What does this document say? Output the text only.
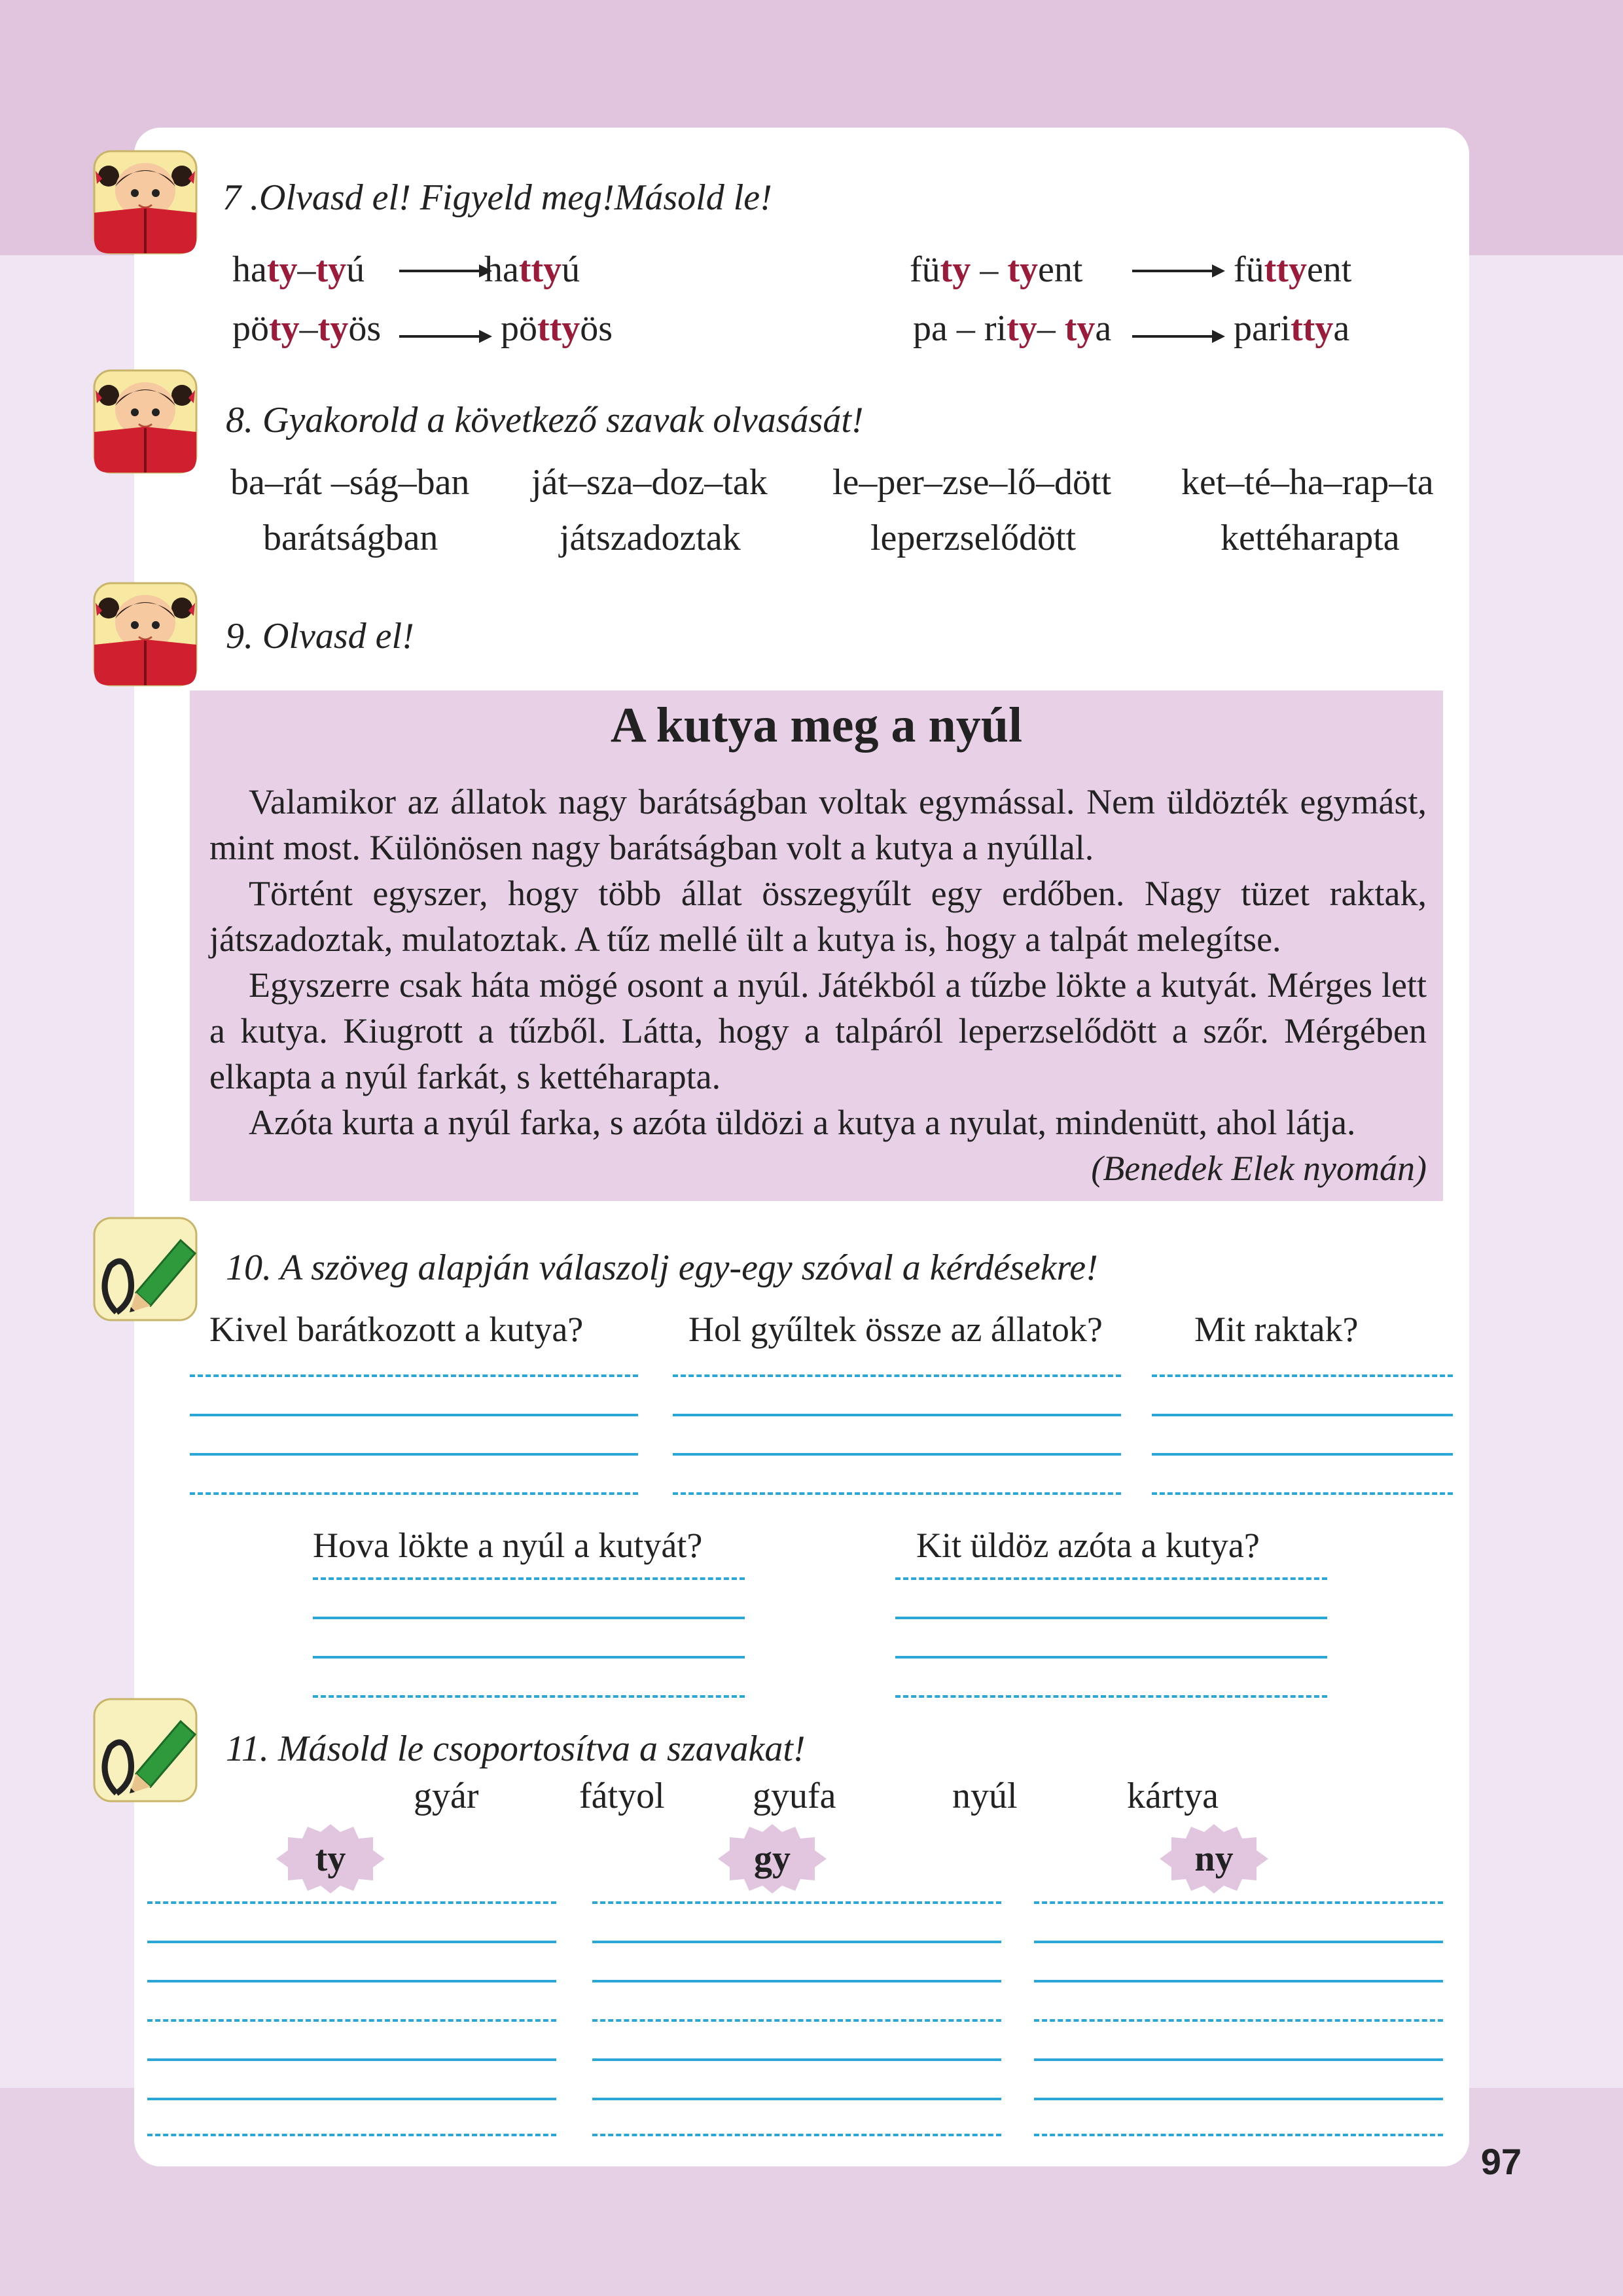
97
7 .Olvasd el! Figyeld meg!Másold le!
haty–tyú	hattyú	füty – tyent	füttyent
pöty–työs	pöttyös	pa – rity– tya	parittya
8. Gyakorold a következő szavak olvasását!
ba–rát –ság–ban ját–sza–doz–tak le–per–zse–lő–dött ket–té–ha–rap–ta
barátságban	játszadoztak	leperzselődött	kettéharapta
9. Olvasd el!
A kutya meg a nyúl

Valamikor az állatok nagy barátságban voltak egymással. Nem üldözték egymást, mint most. Különösen nagy barátságban volt a kutya a nyúllal.

Történt egyszer, hogy több állat összegyűlt egy erdőben. Nagy tüzet raktak, játszadoztak, mulatoztak. A tűz mellé ült a kutya is, hogy a talpát melegítse.

Egyszerre csak háta mögé osont a nyúl. Játékból a tűzbe lökte a kutyát. Mérges lett a kutya. Kiugrott a tűzből. Látta, hogy a talpáról leperzselődött a szőr. Mérgében elkapta a nyúl farkát, s kettéharapta.

Azóta kurta a nyúl farka, s azóta üldözi a kutya a nyulat, mindenütt, ahol látja.

(Benedek Elek nyomán)

10. A szöveg alapján válaszolj egy-egy szóval a kérdésekre!
Kivel barátkozott a kutya?	Hol gyűltek össze az állatok?	Mit raktak?
Hova lökte a nyúl a kutyát?	Kit üldöz azóta a kutya?
11. Másold le csoportosítva a szavakat!
gyár	fátyol gyufa	nyúl	kártya
ty	gy	ny
